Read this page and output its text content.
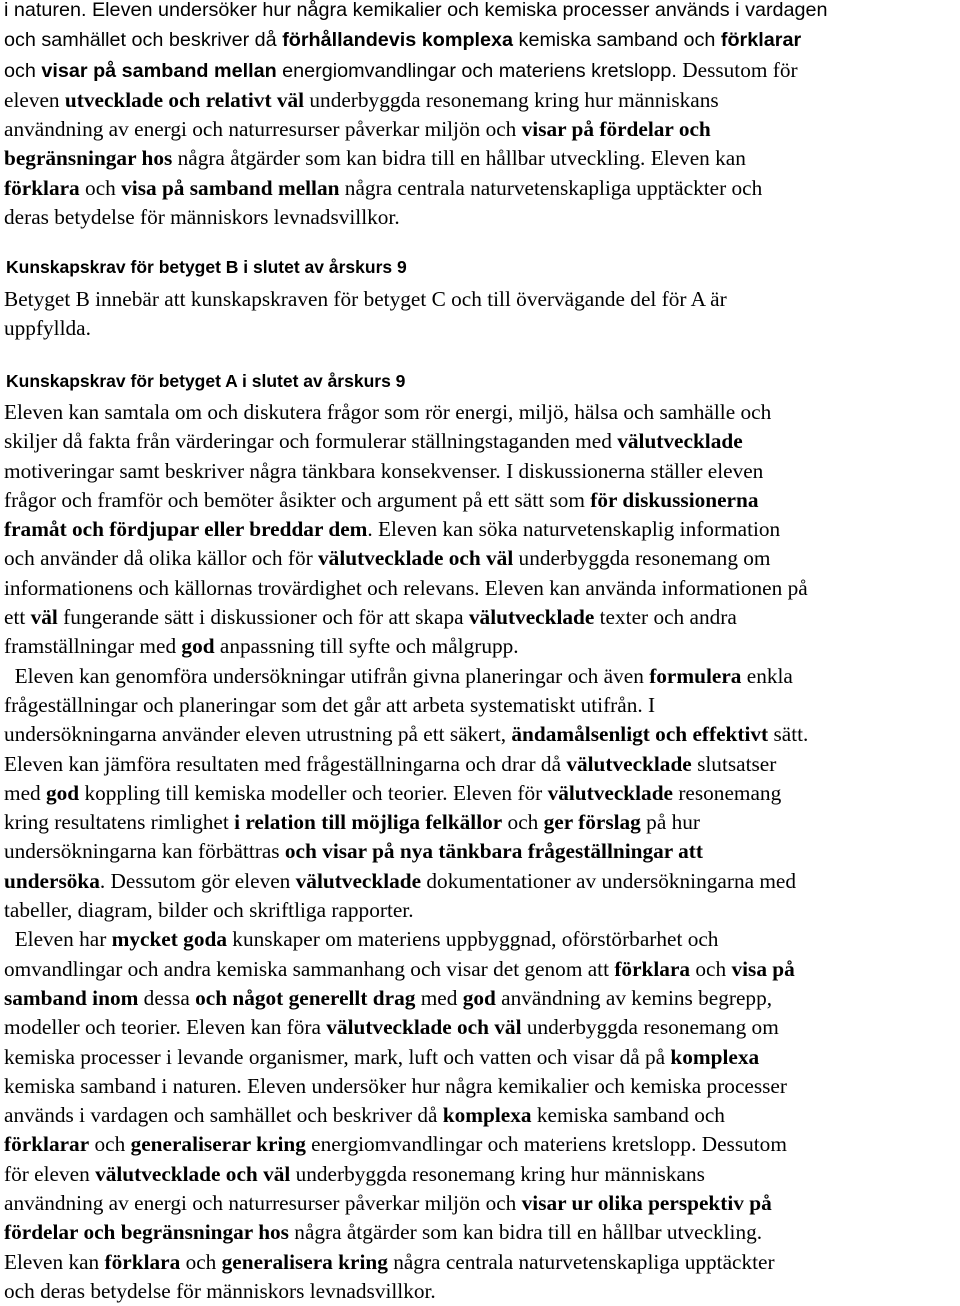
i naturen. Eleven undersöker hur några kemikalier och kemiska processer används i vardagen
och samhället och beskriver då förhållandevis komplexa kemiska samband och förklarar
och visar på samband mellan energiomvandlingar och materiens kretslopp. Dessutom för
eleven utvecklade och relativt väl underbyggda resonemang kring hur människans
användning av energi och naturresurser påverkar miljön och visar på fördelar och
begränsningar hos några åtgärder som kan bidra till en hållbar utveckling. Eleven kan
förklara och visa på samband mellan några centrala naturvetenskapliga upptäckter och
deras betydelse för människors levnadsvillkor.
Kunskapskrav för betyget B i slutet av årskurs 9
Betyget B innebär att kunskapskraven för betyget C och till övervägande del för A är
uppfyllda.
Kunskapskrav för betyget A i slutet av årskurs 9
Eleven kan samtala om och diskutera frågor som rör energi, miljö, hälsa och samhälle och
skiljer då fakta från värderingar och formulerar ställningstaganden med välutvecklade
motiveringar samt beskriver några tänkbara konsekvenser. I diskussionerna ställer eleven
frågor och framför och bemöter åsikter och argument på ett sätt som för diskussionerna
framåt och fördjupar eller breddar dem. Eleven kan söka naturvetenskaplig information
och använder då olika källor och för välutvecklade och väl underbyggda resonemang om
informationens och källornas trovärdighet och relevans. Eleven kan använda informationen på
ett väl fungerande sätt i diskussioner och för att skapa välutvecklade texter och andra
framställningar med god anpassning till syfte och målgrupp.
Eleven kan genomföra undersökningar utifrån givna planeringar och även formulera enkla
frågeställningar och planeringar som det går att arbeta systematiskt utifrån. I
undersökningarna använder eleven utrustning på ett säkert, ändamålsenligt och effektivt sätt.
Eleven kan jämföra resultaten med frågeställningarna och drar då välutvecklade slutsatser
med god koppling till kemiska modeller och teorier. Eleven för välutvecklade resonemang
kring resultatens rimlighet i relation till möjliga felkällor och ger förslag på hur
undersökningarna kan förbättras och visar på nya tänkbara frågeställningar att
undersöka. Dessutom gör eleven välutvecklade dokumentationer av undersökningarna med
tabeller, diagram, bilder och skriftliga rapporter.
Eleven har mycket goda kunskaper om materiens uppbyggnad, oförstörbarhet och
omvandlingar och andra kemiska sammanhang och visar det genom att förklara och visa på
samband inom dessa och något generellt drag med god användning av kemins begrepp,
modeller och teorier. Eleven kan föra välutvecklade och väl underbyggda resonemang om
kemiska processer i levande organismer, mark, luft och vatten och visar då på komplexa
kemiska samband i naturen. Eleven undersöker hur några kemikalier och kemiska processer
används i vardagen och samhället och beskriver då komplexa kemiska samband och
förklarar och generaliserar kring energiomvandlingar och materiens kretslopp. Dessutom
för eleven välutvecklade och väl underbyggda resonemang kring hur människans
användning av energi och naturresurser påverkar miljön och visar ur olika perspektiv på
fördelar och begränsningar hos några åtgärder som kan bidra till en hållbar utveckling.
Eleven kan förklara och generalisera kring några centrala naturvetenskapliga upptäckter
och deras betydelse för människors levnadsvillkor.
